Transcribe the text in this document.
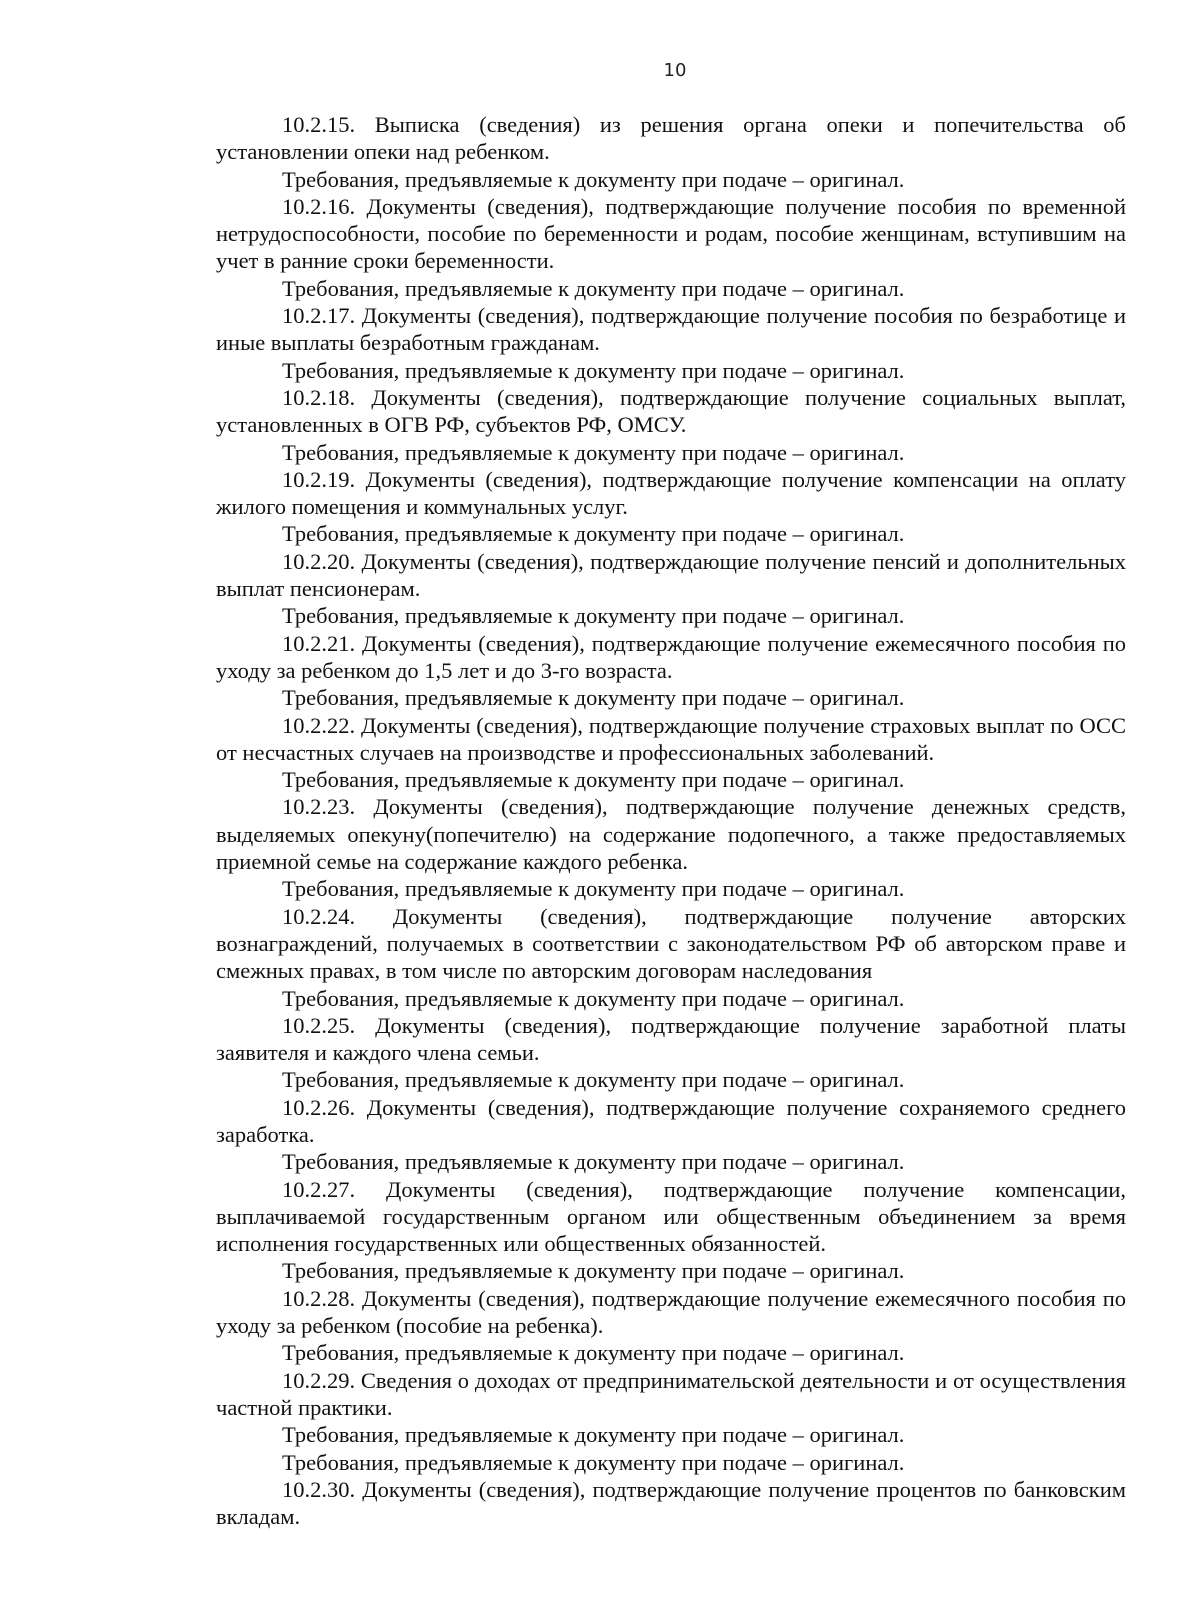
10

10.2.15. Выписка (сведения) из решения органа опеки и попечительства об установлении опеки над ребенком.

Требования, предъявляемые к документу при подаче – оригинал.

10.2.16. Документы (сведения), подтверждающие получение пособия по временной нетрудоспособности, пособие по беременности и родам, пособие женщинам, вступившим на учет в ранние сроки беременности.

Требования, предъявляемые к документу при подаче – оригинал.

10.2.17. Документы (сведения), подтверждающие получение пособия по безработице и иные выплаты безработным гражданам.

Требования, предъявляемые к документу при подаче – оригинал.

10.2.18. Документы (сведения), подтверждающие получение социальных выплат, установленных в ОГВ РФ, субъектов РФ, ОМСУ.

Требования, предъявляемые к документу при подаче – оригинал.

10.2.19. Документы (сведения), подтверждающие получение компенсации на оплату жилого помещения и коммунальных услуг.

Требования, предъявляемые к документу при подаче – оригинал.

10.2.20. Документы (сведения), подтверждающие получение пенсий и дополнительных выплат пенсионерам.

Требования, предъявляемые к документу при подаче – оригинал.

10.2.21. Документы (сведения), подтверждающие получение ежемесячного пособия по уходу за ребенком до 1,5 лет и до 3-го возраста.

Требования, предъявляемые к документу при подаче – оригинал.

10.2.22. Документы (сведения), подтверждающие получение страховых выплат по ОСС от несчастных случаев на производстве и профессиональных заболеваний.

Требования, предъявляемые к документу при подаче – оригинал.

10.2.23. Документы (сведения), подтверждающие получение денежных средств, выделяемых опекуну(попечителю) на содержание подопечного, а также предоставляемых приемной семье на содержание каждого ребенка.

Требования, предъявляемые к документу при подаче – оригинал.

10.2.24. Документы (сведения), подтверждающие получение авторских вознаграждений, получаемых в соответствии с законодательством РФ об авторском праве и смежных правах, в том числе по авторским договорам наследования

Требования, предъявляемые к документу при подаче – оригинал.

10.2.25. Документы (сведения), подтверждающие получение заработной платы заявителя и каждого члена семьи.

Требования, предъявляемые к документу при подаче – оригинал.

10.2.26. Документы (сведения), подтверждающие получение сохраняемого среднего заработка.

Требования, предъявляемые к документу при подаче – оригинал.

10.2.27. Документы (сведения), подтверждающие получение компенсации, выплачиваемой государственным органом или общественным объединением за время исполнения государственных или общественных обязанностей.

Требования, предъявляемые к документу при подаче – оригинал.

10.2.28. Документы (сведения), подтверждающие получение ежемесячного пособия по уходу за ребенком (пособие на ребенка).

Требования, предъявляемые к документу при подаче – оригинал.

10.2.29. Сведения о доходах от предпринимательской деятельности и от осуществления частной практики.

Требования, предъявляемые к документу при подаче – оригинал.

Требования, предъявляемые к документу при подаче – оригинал.

10.2.30. Документы (сведения), подтверждающие получение процентов по банковским вкладам.
